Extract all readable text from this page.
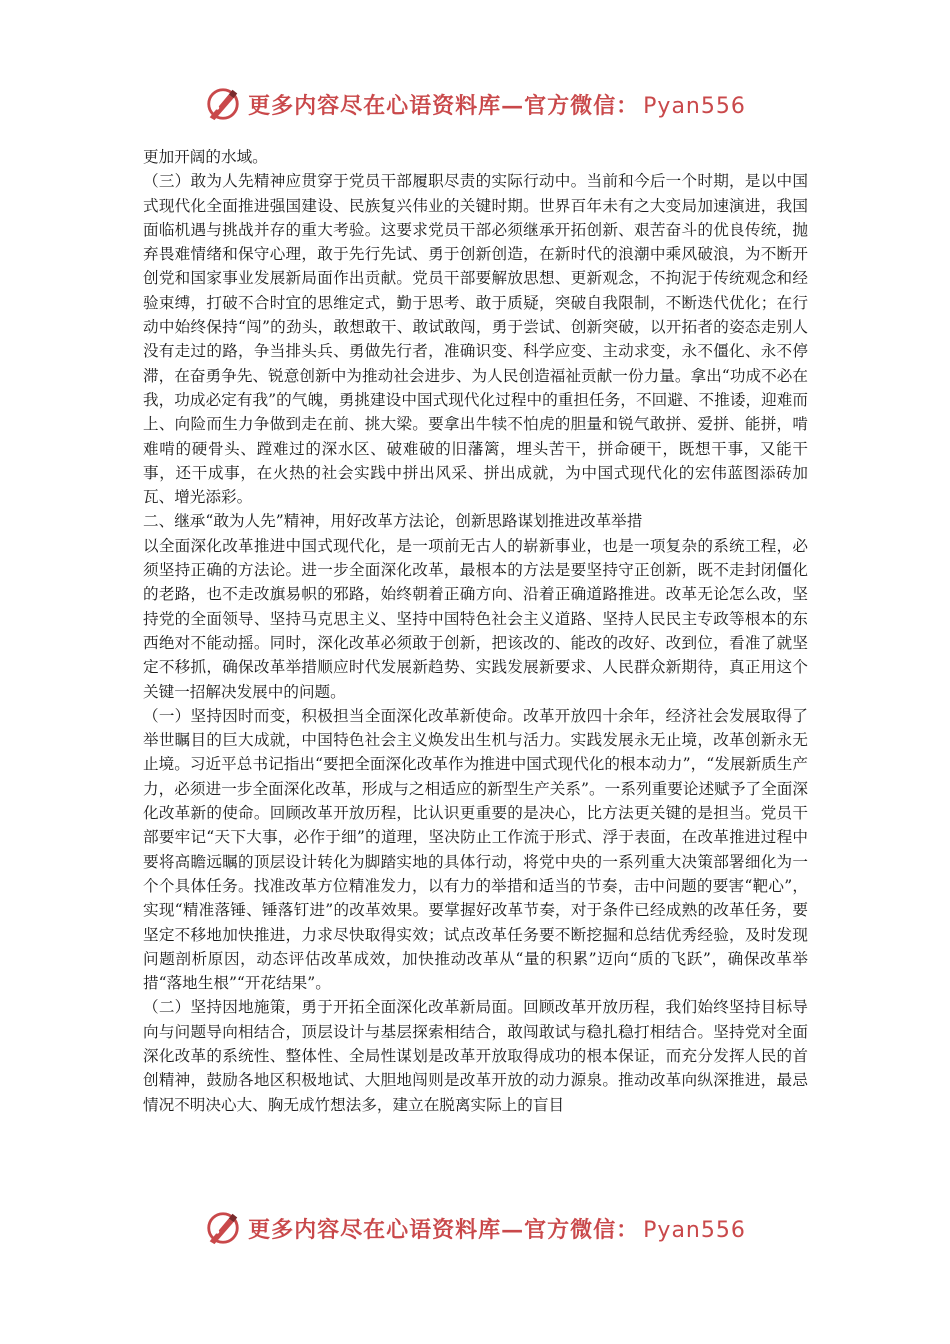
更多内容尽在心语资料库—官方微信： Pyan556

更加开阔的水域。

（三）敢为人先精神应贯穿于党员干部履职尽责的实际行动中。当前和今后一个时期，是以中国式现代化全面推进强国建设、民族复兴伟业的关键时期。世界百年未有之大变局加速演进，我国面临机遇与挑战并存的重大考验。这要求党员干部必须继承开拓创新、艰苦奋斗的优良传统，抛弃畏难情绪和保守心理，敢于先行先试、勇于创新创造，在新时代的浪潮中乘风破浪，为不断开创党和国家事业发展新局面作出贡献。党员干部要解放思想、更新观念，不拘泥于传统观念和经验束缚，打破不合时宜的思维定式，勤于思考、敢于质疑，突破自我限制，不断迭代优化；在行动中始终保持“闯”的劲头，敢想敢干、敢试敢闯，勇于尝试、创新突破，以开拓者的姿态走别人没有走过的路，争当排头兵、勇做先行者，准确识变、科学应变、主动求变，永不僵化、永不停滞，在奋勇争先、锐意创新中为推动社会进步、为人民创造福祉贡献一份力量。拿出“功成不必在我，功成必定有我”的气魄，勇挑建设中国式现代化过程中的重担任务，不回避、不推诿，迎难而上、向险而生力争做到走在前、挑大梁。要拿出牛犊不怕虎的胆量和锐气敢拼、爱拼、能拼，啃难啃的硬骨头、蹚难过的深水区、破难破的旧藩篱，埋头苦干，拼命硬干，既想干事，又能干事，还干成事，在火热的社会实践中拼出风采、拼出成就，为中国式现代化的宏伟蓝图添砖加瓦、增光添彩。

二、继承“敢为人先”精神，用好改革方法论，创新思路谋划推进改革举措

以全面深化改革推进中国式现代化，是一项前无古人的崭新事业，也是一项复杂的系统工程，必须坚持正确的方法论。进一步全面深化改革，最根本的方法是要坚持守正创新，既不走封闭僵化的老路，也不走改旗易帜的邪路，始终朝着正确方向、沿着正确道路推进。改革无论怎么改，坚持党的全面领导、坚持马克思主义、坚持中国特色社会主义道路、坚持人民民主专政等根本的东西绝对不能动摇。同时，深化改革必须敢于创新，把该改的、能改的改好、改到位，看准了就坚定不移抓，确保改革举措顺应时代发展新趋势、实践发展新要求、人民群众新期待，真正用这个关键一招解决发展中的问题。

（一）坚持因时而变，积极担当全面深化改革新使命。改革开放四十余年，经济社会发展取得了举世瞩目的巨大成就，中国特色社会主义焕发出生机与活力。实践发展永无止境，改革创新永无止境。习近平总书记指出“要把全面深化改革作为推进中国式现代化的根本动力”，“发展新质生产力，必须进一步全面深化改革，形成与之相适应的新型生产关系”。一系列重要论述赋予了全面深化改革新的使命。回顾改革开放历程，比认识更重要的是决心，比方法更关键的是担当。党员干部要牢记“天下大事，必作于细”的道理，坚决防止工作流于形式、浮于表面，在改革推进过程中要将高瞻远瞩的顶层设计转化为脚踏实地的具体行动，将党中央的一系列重大决策部署细化为一个个具体任务。找准改革方位精准发力，以有力的举措和适当的节奏，击中问题的要害“靶心”，实现“精准落锤、锤落钉进”的改革效果。要掌握好改革节奏，对于条件已经成熟的改革任务，要坚定不移地加快推进，力求尽快取得实效；试点改革任务要不断挖掘和总结优秀经验，及时发现问题剖析原因，动态评估改革成效，加快推动改革从“量的积累”迈向“质的飞跃”，确保改革举措“落地生根”“开花结果”。

（二）坚持因地施策，勇于开拓全面深化改革新局面。回顾改革开放历程，我们始终坚持目标导向与问题导向相结合，顶层设计与基层探索相结合，敢闯敢试与稳扎稳打相结合。坚持党对全面深化改革的系统性、整体性、全局性谋划是改革开放取得成功的根本保证，而充分发挥人民的首创精神，鼓励各地区积极地试、大胆地闯则是改革开放的动力源泉。推动改革向纵深推进，最忌情况不明决心大、胸无成竹想法多，建立在脱离实际上的盲目

更多内容尽在心语资料库—官方微信： Pyan556
